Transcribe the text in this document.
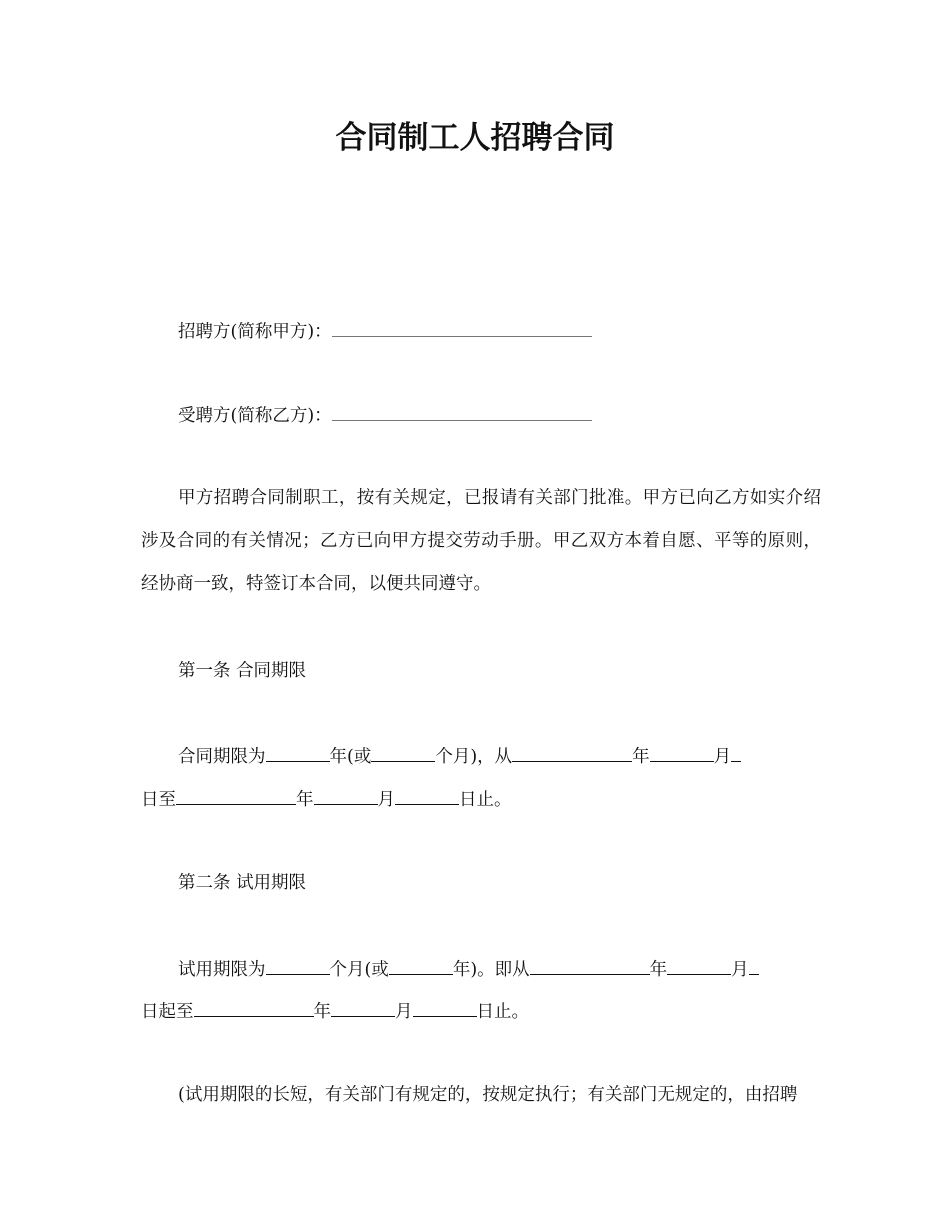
合同制工人招聘合同
招聘方(简称甲方)：
受聘方(简称乙方)：

甲方招聘合同制职工，按有关规定，已报请有关部门批准。甲方已向乙方如实介绍涉及合同的有关情况；乙方已向甲方提交劳动手册。甲乙双方本着自愿、平等的原则，经协商一致，特签订本合同，以便共同遵守。

第一条 合同期限
合同期限为	年(或	个月)，从	年	月
日至	年	月	日止。
第二条 试用期限
试用期限为	个月(或	年)。即从	年	月
日起至	年	月	日止。
(试用期限的长短，有关部门有规定的，按规定执行；有关部门无规定的，由招聘
